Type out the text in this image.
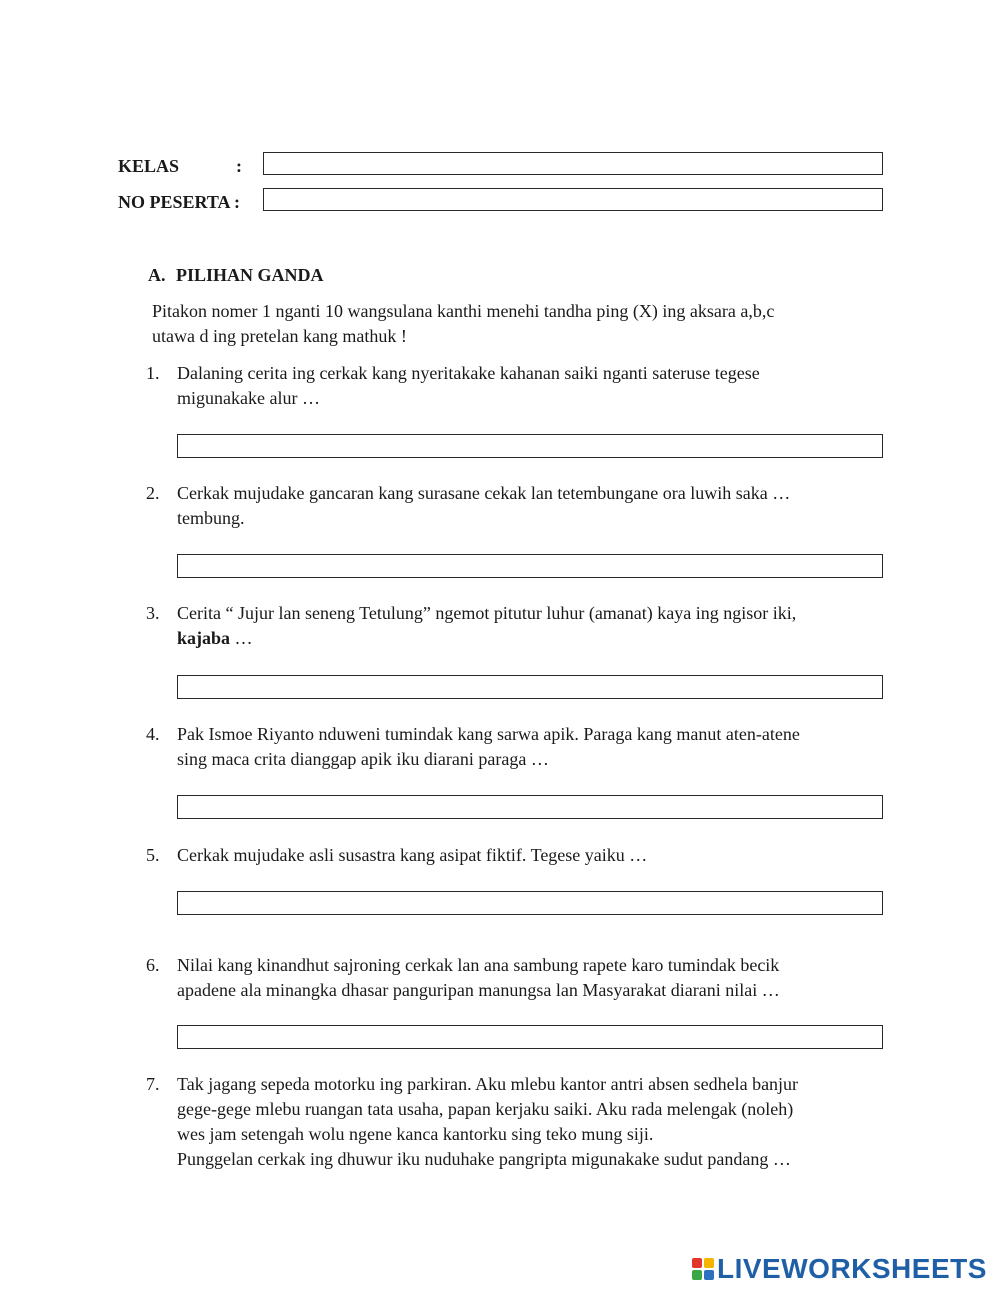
KELAS	:
NO PESERTA :
A. PILIHAN GANDA
Pitakon nomer 1 nganti 10 wangsulana kanthi menehi tandha ping (X) ing aksara a,b,c
utawa d ing pretelan kang mathuk !
1. Dalaning cerita ing cerkak kang nyeritakake kahanan saiki nganti sateruse tegese
migunakake alur …
2. Cerkak mujudake gancaran kang surasane cekak lan tetembungane ora luwih saka …
tembung.
3. Cerita “ Jujur lan seneng Tetulung” ngemot pitutur luhur (amanat) kaya ing ngisor iki,
kajaba …
4. Pak Ismoe Riyanto nduweni tumindak kang sarwa apik. Paraga kang manut aten-atene
sing maca crita dianggap apik iku diarani paraga …
5. Cerkak mujudake asli susastra kang asipat fiktif. Tegese yaiku …
6. Nilai kang kinandhut sajroning cerkak lan ana sambung rapete karo tumindak becik
apadene ala minangka dhasar panguripan manungsa lan Masyarakat diarani nilai …
7. Tak jagang sepeda motorku ing parkiran. Aku mlebu kantor antri absen sedhela banjur
gege-gege mlebu ruangan tata usaha, papan kerjaku saiki. Aku rada melengak (noleh)
wes jam setengah wolu ngene kanca kantorku sing teko mung siji.
Punggelan cerkak ing dhuwur iku nuduhake pangripta migunakake sudut pandang …
LIVEWORKSHEETS
